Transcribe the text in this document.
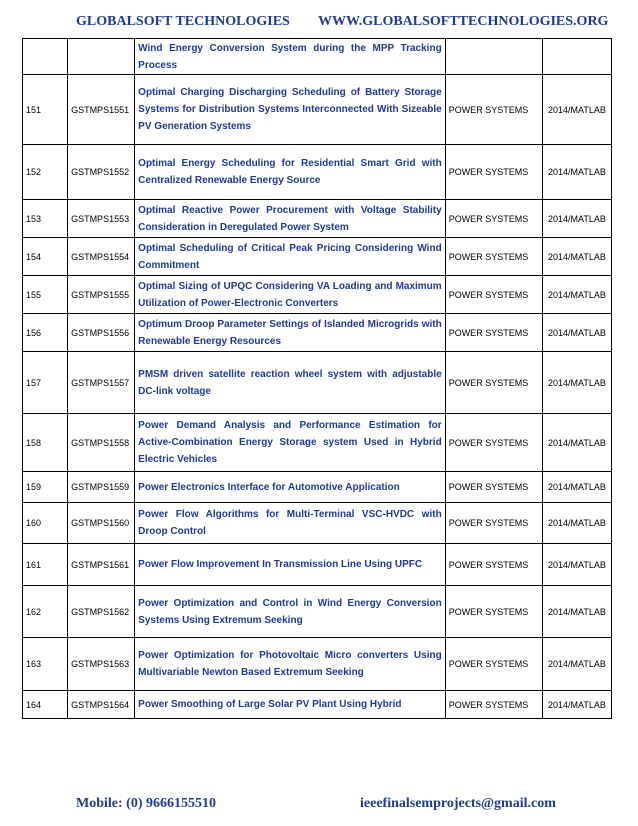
GLOBALSOFT TECHNOLOGIES WWW.GLOBALSOFTTECHNOLOGIES.ORG
		Wind Energy Conversion System during the MPP Tracking Process		
151	GSTMPS1551	Optimal Charging Discharging Scheduling of Battery Storage Systems for Distribution Systems Interconnected With Sizeable PV Generation Systems	POWER SYSTEMS	2014/MATLAB
152	GSTMPS1552	Optimal Energy Scheduling for Residential Smart Grid with Centralized Renewable Energy Source	POWER SYSTEMS	2014/MATLAB
153	GSTMPS1553	Optimal Reactive Power Procurement with Voltage Stability Consideration in Deregulated Power System	POWER SYSTEMS	2014/MATLAB
154	GSTMPS1554	Optimal Scheduling of Critical Peak Pricing Considering Wind Commitment	POWER SYSTEMS	2014/MATLAB
155	GSTMPS1555	Optimal Sizing of UPQC Considering VA Loading and Maximum Utilization of Power-Electronic Converters	POWER SYSTEMS	2014/MATLAB
156	GSTMPS1556	Optimum Droop Parameter Settings of Islanded Microgrids with Renewable Energy Resources	POWER SYSTEMS	2014/MATLAB
157	GSTMPS1557	PMSM driven satellite reaction wheel system with adjustable DC-link voltage	POWER SYSTEMS	2014/MATLAB
158	GSTMPS1558	Power Demand Analysis and Performance Estimation for Active-Combination Energy Storage system Used in Hybrid Electric Vehicles	POWER SYSTEMS	2014/MATLAB
159	GSTMPS1559	Power Electronics Interface for Automotive Application	POWER SYSTEMS	2014/MATLAB
160	GSTMPS1560	Power Flow Algorithms for Multi-Terminal VSC-HVDC with Droop Control	POWER SYSTEMS	2014/MATLAB
161	GSTMPS1561	Power Flow Improvement In Transmission Line Using UPFC	POWER SYSTEMS	2014/MATLAB
162	GSTMPS1562	Power Optimization and Control in Wind Energy Conversion Systems Using Extremum Seeking	POWER SYSTEMS	2014/MATLAB
163	GSTMPS1563	Power Optimization for Photovoltaic Micro converters Using Multivariable Newton Based Extremum Seeking	POWER SYSTEMS	2014/MATLAB
164	GSTMPS1564	Power Smoothing of Large Solar PV Plant Using Hybrid	POWER SYSTEMS	2014/MATLAB
Mobile: (0) 9666155510	ieeefinalsemprojects@gmail.com
